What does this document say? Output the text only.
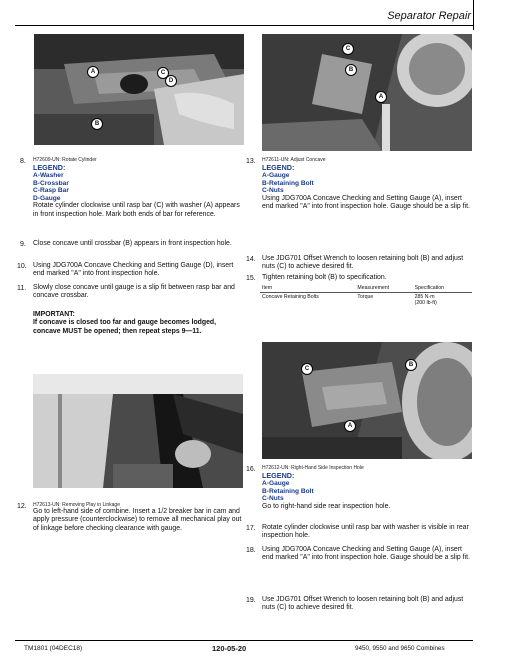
Separator Repair
A	C
D
B
8. H72609-UN: Rotate Cylinder
LEGEND:
A-Washer
B-Crossbar
C-Rasp Bar
D-Gauge
Rotate cylinder clockwise until rasp bar (C) with washer (A) appears in front inspection hole. Mark both ends of bar for reference.
9. Close concave until crossbar (B) appears in front inspection hole.
10. Using JDG700A Concave Checking and Setting Gauge (D), insert end marked "A" into front inspection hole.
11. Slowly close concave until gauge is a slip fit between rasp bar and concave crossbar.
IMPORTANT:
If concave is closed too far and gauge becomes lodged, concave MUST be opened; then repeat steps 9—11.
12. H72613-UN: Removing Play in Linkage
Go to left-hand side of combine. Insert a 1/2 breaker bar in cam and apply pressure (counterclockwise) to remove all mechanical play out of linkage before checking clearance with gauge.
C
B
A
13. H72611-UN: Adjust Concave
LEGEND:
A-Gauge
B-Retaining Bolt
C-Nuts
Using JDG700A Concave Checking and Setting Gauge (A), insert end marked "A" into front inspection hole. Gauge should be a slip fit.
14. Use JDG701 Offset Wrench to loosen retaining bolt (B) and adjust nuts (C) to achieve desired fit.
15. Tighten retaining bolt (B) to specification.
Item	Measurement	Specification
Concave Retaining Bolts	Torque	285 N·m
(200 lb-ft)
C
B
A
16. H72612-UN: Right-Hand Side Inspection Hole
LEGEND:
A-Gauge
B-Retaining Bolt
C-Nuts
Go to right-hand side rear inspection hole.
17. Rotate cylinder clockwise until rasp bar with washer is visible in rear inspection hole.
18. Using JDG700A Concave Checking and Setting Gauge (A), insert end marked "A" into front inspection hole. Gauge should be a slip fit.
19. Use JDG701 Offset Wrench to loosen retaining bolt (B) and adjust nuts (C) to achieve desired fit.
TM1801 (04DEC18)	120-05-20	9450, 9550 and 9650 Combines
